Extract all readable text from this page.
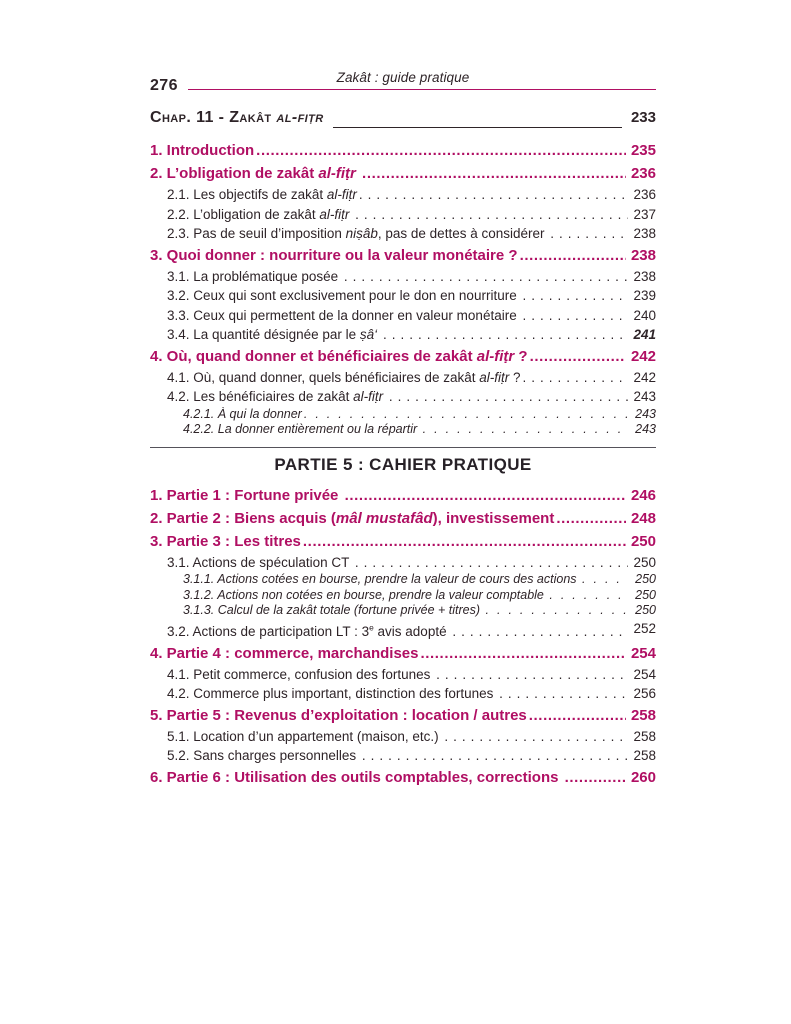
Zakât : guide pratique
276
Chap. 11 - Zakât al-fiṭr	233
1. Introduction	235
.....
2. L’obligation de zakât al-fiṭr	236
.....
2.1. Les objectifs de zakât al-fiṭr	236
.....
2.2. L’obligation de zakât al-fiṭr	237
.....
2.3. Pas de seuil d’imposition niṣâb, pas de dettes à considérer	238
.....
3. Quoi donner : nourriture ou la valeur monétaire ?	238
.....
3.1. La problématique posée	238
.....
3.2. Ceux qui sont exclusivement pour le don en nourriture	239
.....
3.3. Ceux qui permettent de la donner en valeur monétaire	240
.....
3.4. La quantité désignée par le ṣâ‘	241
.....
4. Où, quand donner et bénéficiaires de zakât al-fiṭr ?	242
.....
4.1. Où, quand donner, quels bénéficiaires de zakât al-fiṭr ?	242
.....
4.2. Les bénéficiaires de zakât al-fiṭr	243
.....
4.2.1. À qui la donner	243
.....
4.2.2. La donner entièrement ou la répartir	243
.....
PARTIE 5 : CAHIER PRATIQUE
1. Partie 1 : Fortune privée	246
.....
2. Partie 2 : Biens acquis (mâl mustafâd), investissement	248
.....
3. Partie 3 : Les titres	250
.....
3.1. Actions de spéculation CT	250
.....
3.1.1. Actions cotées en bourse, prendre la valeur de cours des actions	250
.....
3.1.2. Actions non cotées en bourse, prendre la valeur comptable	250
.....
3.1.3. Calcul de la zakât totale (fortune privée + titres)	250
.....
3.2. Actions de participation LT : 3e avis adopté	252
.....
4. Partie 4 : commerce, marchandises	254
.....
4.1. Petit commerce, confusion des fortunes	254
.....
4.2. Commerce plus important, distinction des fortunes	256
.....
5. Partie 5 : Revenus d’exploitation : location / autres	258
.....
5.1. Location d’un appartement (maison, etc.)	258
.....
5.2. Sans charges personnelles	258
.....
6. Partie 6 : Utilisation des outils comptables, corrections	260
.....
